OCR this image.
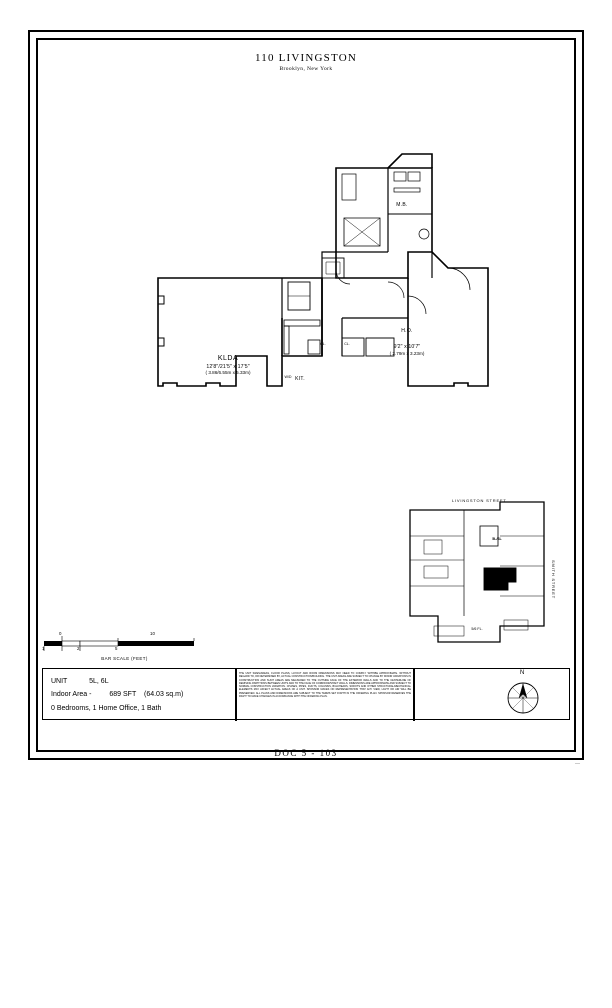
110 LIVINGSTON
Brooklyn, New York
KLDA
12'8"/21'5" x 17'5"
( 3.86/6.55m x 5.33m)
KIT.
M.B.
H.O.
9'2" x 10'7"
( 2.79m x 3.23m)
W/D
CL.
CL.
LIVINGSTON STREET
SMITH STREET
5L/6L
5/6 FL.
1
0
2	5
10
BAR SCALE (FEET)
UNIT	5L, 6L
Indoor Area -	689 SFT (64.03 sq.m)
0 Bedrooms, 1 Home Office, 1 Bath
THE UNIT SIZES/AREAS, FLOOR PLANS, LAYOUT AND ROOM DIMENSIONS MAY NEED TO COMPLY WITH/BE APPROXIMATE. WITHOUT REGARD TO, OR DETERMINED BY, ACTUAL CONSTRUCTION/BUILDING. THE UNIT AREAS ARE SUBJECT TO CHANGE BY MINOR VARIATIONS IN CONSTRUCTION AND SUCH AREAS ARE MEASURED TO THE OUTSIDE FACE OF THE EXTERIOR WALLS AND TO THE CENTERLINE OF DEMISING PARTITIONS BETWEEN UNITS AND TO THE FACE OF CORRIDOR/SHAFT WALLS. DIMENSIONS ARE APPROXIMATE AND SUBJECT TO NORMAL CONSTRUCTION VARIATION. CHASES, PIPES, DUCTS, COLUMNS, BULKHEADS, SOFFITS AND OTHER STRUCTURAL/MECHANICAL ELEMENTS MAY AFFECT ACTUAL AREAS OF A UNIT. SPONSOR MAKES NO REPRESENTATION THAT ANY VIEW, LIGHT OR AIR WILL BE PRESERVED. ALL PLANS AND DIMENSIONS ARE SUBJECT TO THE TERMS SET FORTH IN THE OFFERING PLAN. SPONSOR RESERVES THE RIGHT TO MAKE CHANGES IN ACCORDANCE WITH THE OFFERING PLAN.
N
DOC 5 - 103
—
